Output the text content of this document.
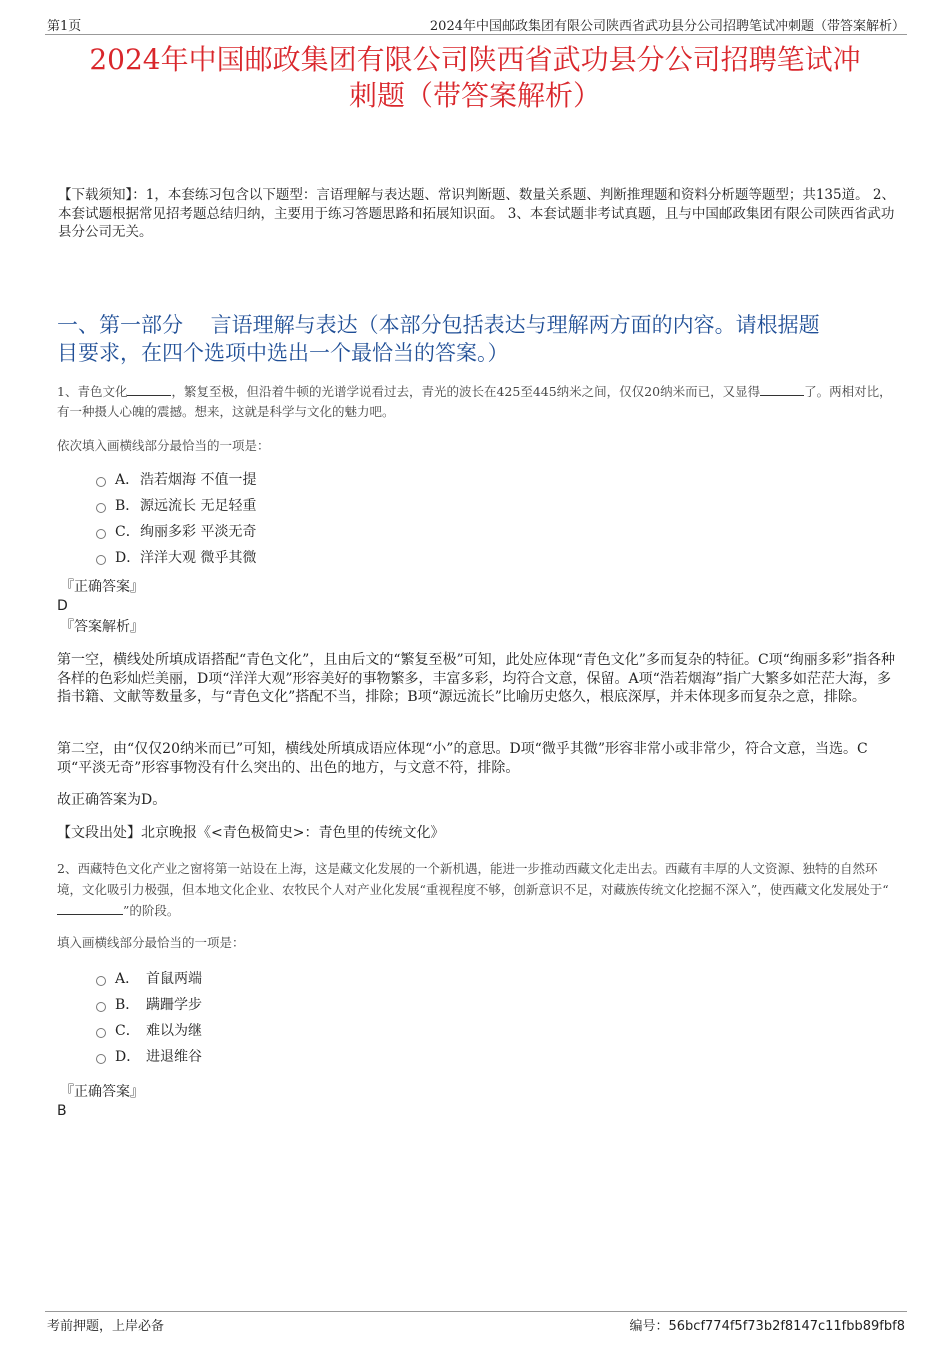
第1页	2024年中国邮政集团有限公司陕西省武功县分公司招聘笔试冲刺题（带答案解析）
2024年中国邮政集团有限公司陕西省武功县分公司招聘笔试冲
刺题（带答案解析）
【下载须知】：1，本套练习包含以下题型：言语理解与表达题、常识判断题、数量关系题、判断推理题和资料分析题等题型；共135道。 2、本套试题根据常见招考题总结归纳，主要用于练习答题思路和拓展知识面。 3、本套试题非考试真题，且与中国邮政集团有限公司陕西省武功县分公司无关。
一、第一部分　 言语理解与表达（本部分包括表达与理解两方面的内容。请根据题
目要求，在四个选项中选出一个最恰当的答案。）
1、青色文化	，繁复至极，但沿着牛顿的光谱学说看过去，青光的波长在425至445纳米之间，仅仅20纳米而已，又显得	了。两相对比，有一种摄人心魄的震撼。想来，这就是科学与文化的魅力吧。
依次填入画横线部分最恰当的一项是：
A． 浩若烟海 不值一提
B． 源远流长 无足轻重
C． 绚丽多彩 平淡无奇
D． 洋洋大观 微乎其微
『正确答案』
D
『答案解析』
第一空，横线处所填成语搭配“青色文化”，且由后文的“繁复至极”可知，此处应体现“青色文化”多而复杂的特征。C项“绚丽多彩”指各种各样的色彩灿烂美丽，D项“洋洋大观”形容美好的事物繁多，丰富多彩，均符合文意，保留。A项“浩若烟海”指广大繁多如茫茫大海，多指书籍、文献等数量多，与“青色文化”搭配不当，排除；B项“源远流长”比喻历史悠久，根底深厚，并未体现多而复杂之意，排除。
第二空，由“仅仅20纳米而已”可知，横线处所填成语应体现“小”的意思。D项“微乎其微”形容非常小或非常少，符合文意，当选。C项“平淡无奇”形容事物没有什么突出的、出色的地方，与文意不符，排除。
故正确答案为D。
【文段出处】北京晚报《<青色极简史>：青色里的传统文化》
2、西藏特色文化产业之窗将第一站设在上海，这是藏文化发展的一个新机遇，能进一步推动西藏文化走出去。西藏有丰厚的人文资源、独特的自然环境，文化吸引力极强，但本地文化企业、农牧民个人对产业化发展“重视程度不够，创新意识不足，对藏族传统文化挖掘不深入”，使西藏文化发展处于“”的阶段。
填入画横线部分最恰当的一项是：
A． 首鼠两端
B． 蹒跚学步
C． 难以为继
D． 进退维谷
『正确答案』
B
考前押题，上岸必备	编号：56bcf774f5f73b2f8147c11fbb89fbf8
